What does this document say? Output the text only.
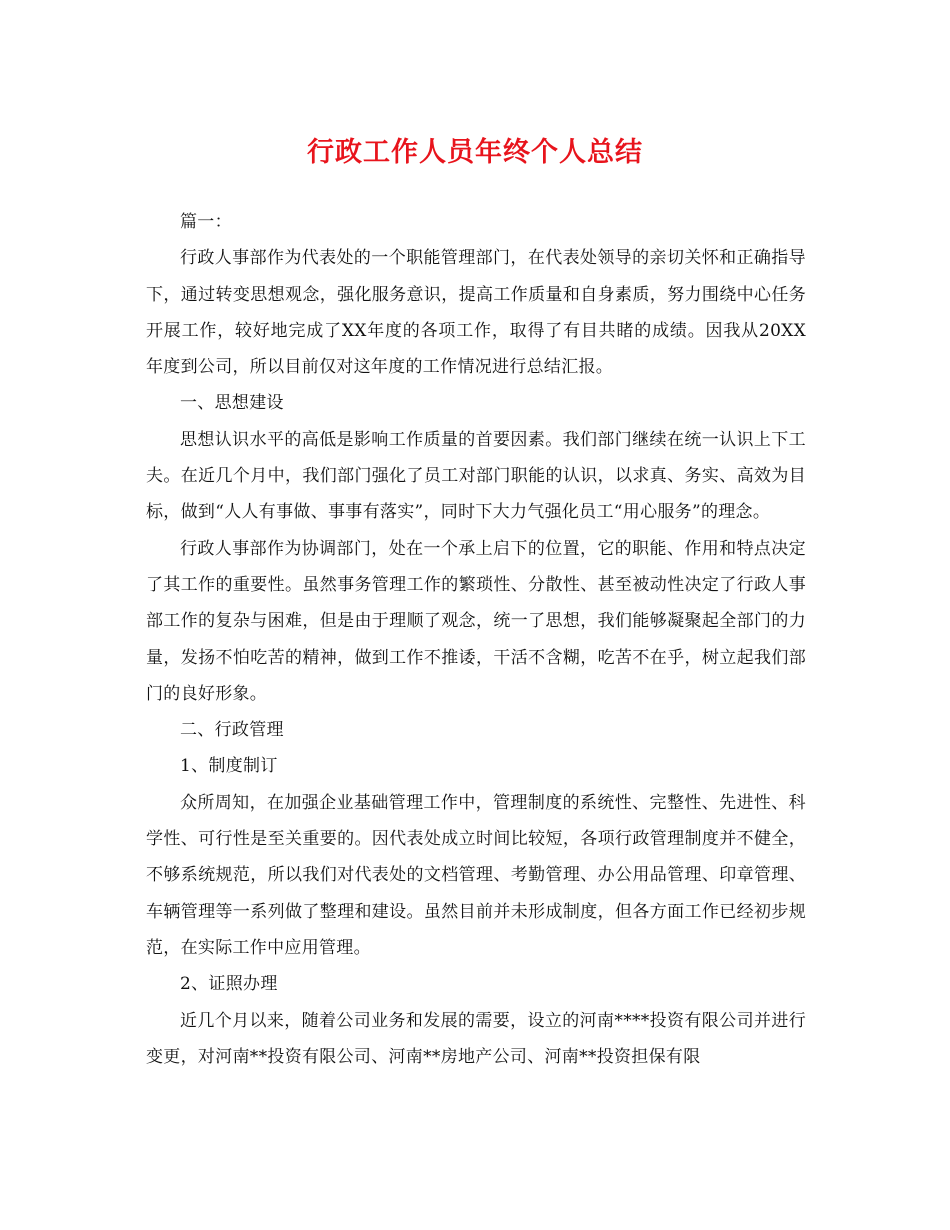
行政工作人员年终个人总结

篇一：

行政人事部作为代表处的一个职能管理部门，在代表处领导的亲切关怀和正确指导下，通过转变思想观念，强化服务意识，提高工作质量和自身素质，努力围绕中心任务开展工作，较好地完成了XX年度的各项工作，取得了有目共睹的成绩。因我从20XX年度到公司，所以目前仅对这年度的工作情况进行总结汇报。

一、思想建设

思想认识水平的高低是影响工作质量的首要因素。我们部门继续在统一认识上下工夫。在近几个月中，我们部门强化了员工对部门职能的认识，以求真、务实、高效为目标，做到“人人有事做、事事有落实”，同时下大力气强化员工“用心服务”的理念。

行政人事部作为协调部门，处在一个承上启下的位置，它的职能、作用和特点决定了其工作的重要性。虽然事务管理工作的繁琐性、分散性、甚至被动性决定了行政人事部工作的复杂与困难，但是由于理顺了观念，统一了思想，我们能够凝聚起全部门的力量，发扬不怕吃苦的精神，做到工作不推诿，干活不含糊，吃苦不在乎，树立起我们部门的良好形象。

二、行政管理

1、制度制订

众所周知，在加强企业基础管理工作中，管理制度的系统性、完整性、先进性、科学性、可行性是至关重要的。因代表处成立时间比较短，各项行政管理制度并不健全，不够系统规范，所以我们对代表处的文档管理、考勤管理、办公用品管理、印章管理、车辆管理等一系列做了整理和建设。虽然目前并未形成制度，但各方面工作已经初步规范，在实际工作中应用管理。

2、证照办理

近几个月以来，随着公司业务和发展的需要，设立的河南****投资有限公司并进行变更，对河南**投资有限公司、河南**房地产公司、河南**投资担保有限
